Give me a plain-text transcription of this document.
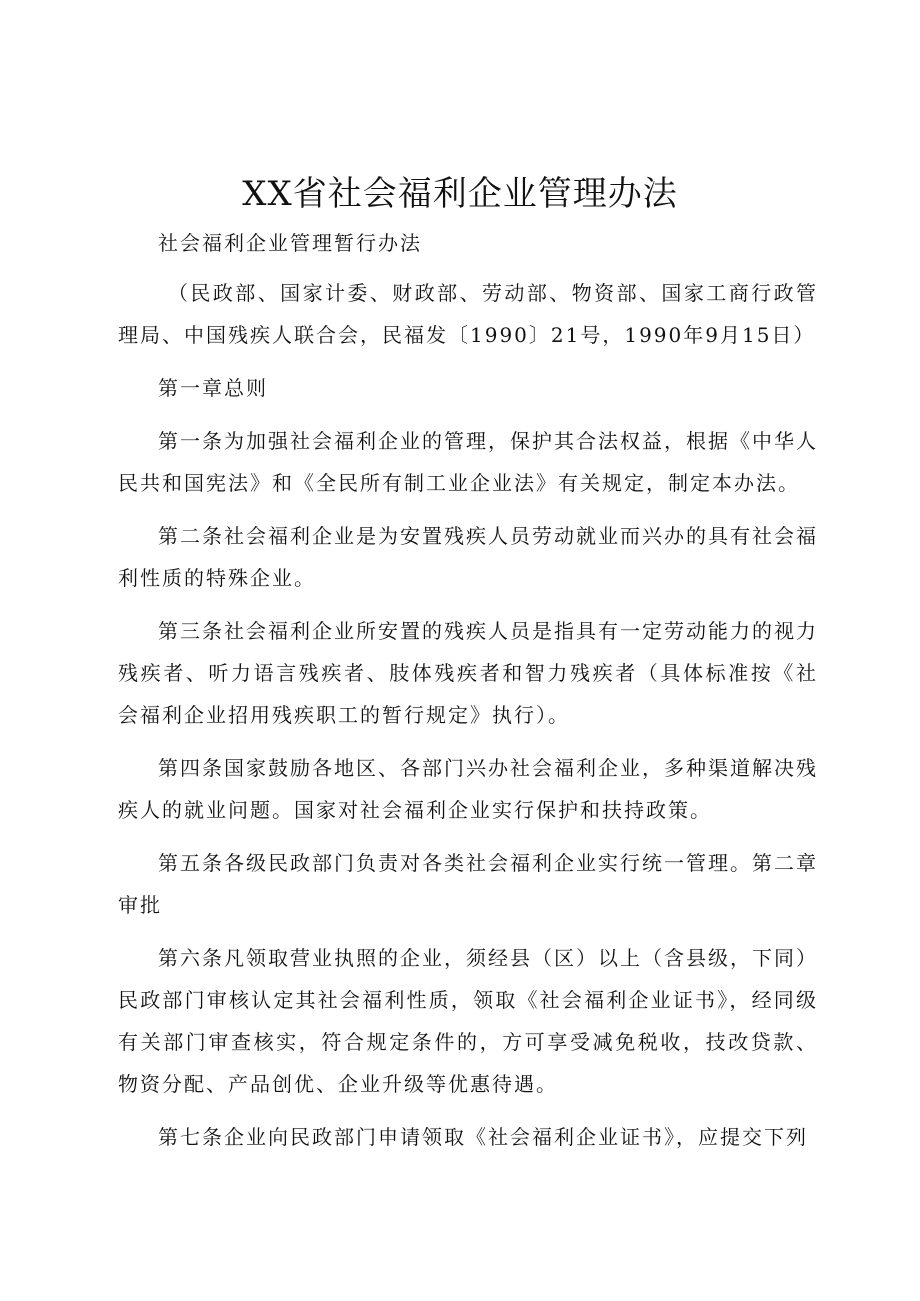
XX省社会福利企业管理办法

社会福利企业管理暂行办法

（民政部、国家计委、财政部、劳动部、物资部、国家工商行政管理局、中国残疾人联合会，民福发〔1990〕21号，1990年9月15日）

第一章总则

第一条为加强社会福利企业的管理，保护其合法权益，根据《中华人民共和国宪法》和《全民所有制工业企业法》有关规定，制定本办法。

第二条社会福利企业是为安置残疾人员劳动就业而兴办的具有社会福利性质的特殊企业。

第三条社会福利企业所安置的残疾人员是指具有一定劳动能力的视力残疾者、听力语言残疾者、肢体残疾者和智力残疾者（具体标准按《社会福利企业招用残疾职工的暂行规定》执行）。

第四条国家鼓励各地区、各部门兴办社会福利企业，多种渠道解决残疾人的就业问题。国家对社会福利企业实行保护和扶持政策。

第五条各级民政部门负责对各类社会福利企业实行统一管理。第二章审批

第六条凡领取营业执照的企业，须经县（区）以上（含县级，下同）民政部门审核认定其社会福利性质，领取《社会福利企业证书》，经同级有关部门审查核实，符合规定条件的，方可享受减免税收，技改贷款、物资分配、产品创优、企业升级等优惠待遇。

第七条企业向民政部门申请领取《社会福利企业证书》，应提交下列
